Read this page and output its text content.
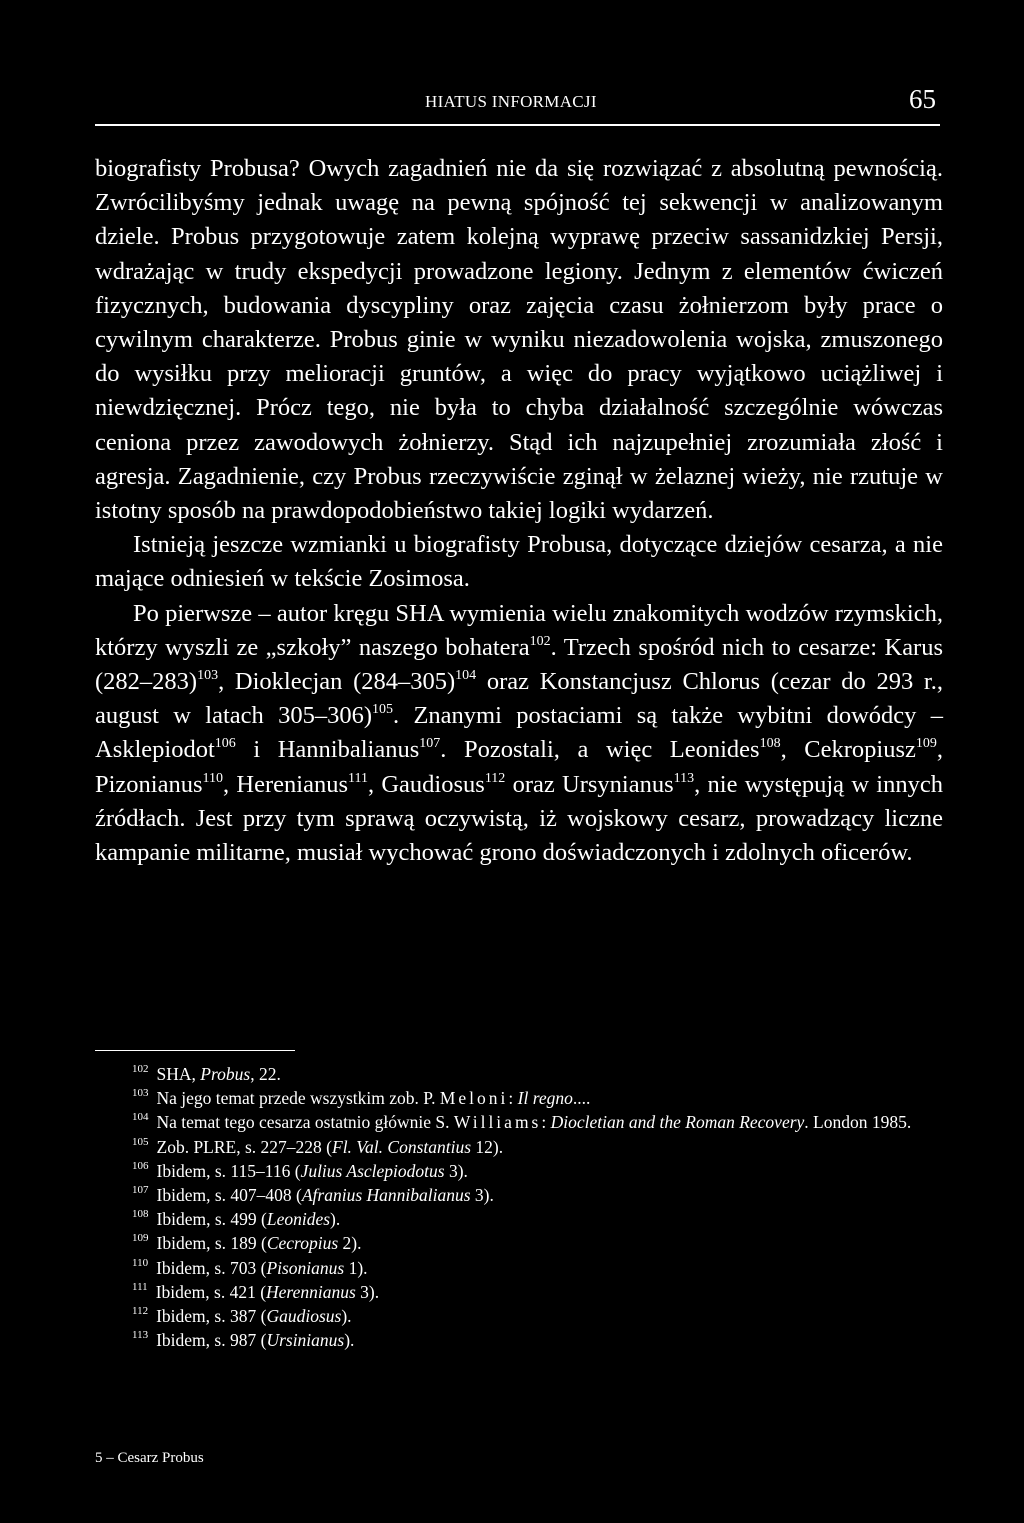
HIATUS INFORMACJI	65

biografisty Probusa? Owych zagadnień nie da się rozwiązać z absolutną pewnością. Zwrócilibyśmy jednak uwagę na pewną spójność tej sekwencji w analizowanym dziele. Probus przygotowuje zatem kolejną wyprawę przeciw sassanidzkiej Persji, wdrażając w trudy ekspedycji prowadzone legiony. Jednym z elementów ćwiczeń fizycznych, budowania dyscypliny oraz zajęcia czasu żołnierzom były prace o cywilnym charakterze. Probus ginie w wyniku niezadowolenia wojska, zmuszonego do wysiłku przy melioracji gruntów, a więc do pracy wyjątkowo uciążliwej i niewdzięcznej. Prócz tego, nie była to chyba działalność szczególnie wówczas ceniona przez zawodowych żołnierzy. Stąd ich najzupełniej zrozumiała złość i agresja. Zagadnienie, czy Probus rzeczywiście zginął w żelaznej wieży, nie rzutuje w istotny sposób na prawdopodobieństwo takiej logiki wydarzeń.

Istnieją jeszcze wzmianki u biografisty Probusa, dotyczące dziejów cesarza, a nie mające odniesień w tekście Zosimosa.

Po pierwsze – autor kręgu SHA wymienia wielu znakomitych wodzów rzymskich, którzy wyszli ze „szkoły” naszego bohatera$^{102}$. Trzech spośród nich to cesarze: Karus $(282-283)^{103}$, Dioklecjan $(284-305)^{104}$ oraz Konstancjusz Chlorus (cezar do 293 r., august w latach 305–306)$^{105}$. Znanymi postaciami są także wybitni dowódcy – Asklepiodot$^{106}$ i Hannibalianus$^{107}$. Pozostali, a więc Leonides$^{108}$, Cekropiusz$^{109}$, Pizonianus$^{110}$, Herenianus$^{111}$, Gaudiosus$^{112}$ oraz Ursynianus$^{113}$, nie występują w innych źródłach. Jest przy tym sprawą oczywistą, iż wojskowy cesarz, prowadzący liczne kampanie militarne, musiał wychować grono doświadczonych i zdolnych oficerów.

$^{102}$ SHA, Probus, 22.

$^{103}$ Na jego temat przede wszystkim zob. P. Meloni: Il regno....

$^{104}$ Na temat tego cesarza ostatnio głównie S. Williams: Diocletian and the Roman Recovery. London 1985.

$^{105}$ Zob. PLRE, s. 227–228 (Fl. Val. Constantius 12).

$^{106}$ Ibidem, s. 115–116 (Julius Asclepiodotus 3).

$^{107}$ Ibidem, s. 407–408 (Afranius Hannibalianus 3).

$^{108}$ Ibidem, s. 499 (Leonides).

$^{109}$ Ibidem, s. 189 (Cecropius 2).

$^{110}$ Ibidem, s. 703 (Pisonianus 1).

$^{111}$ Ibidem, s. 421 (Herennianus 3).

$^{112}$ Ibidem, s. 387 (Gaudiosus).

$^{113}$ Ibidem, s. 987 (Ursinianus).

5 – Cesarz Probus
